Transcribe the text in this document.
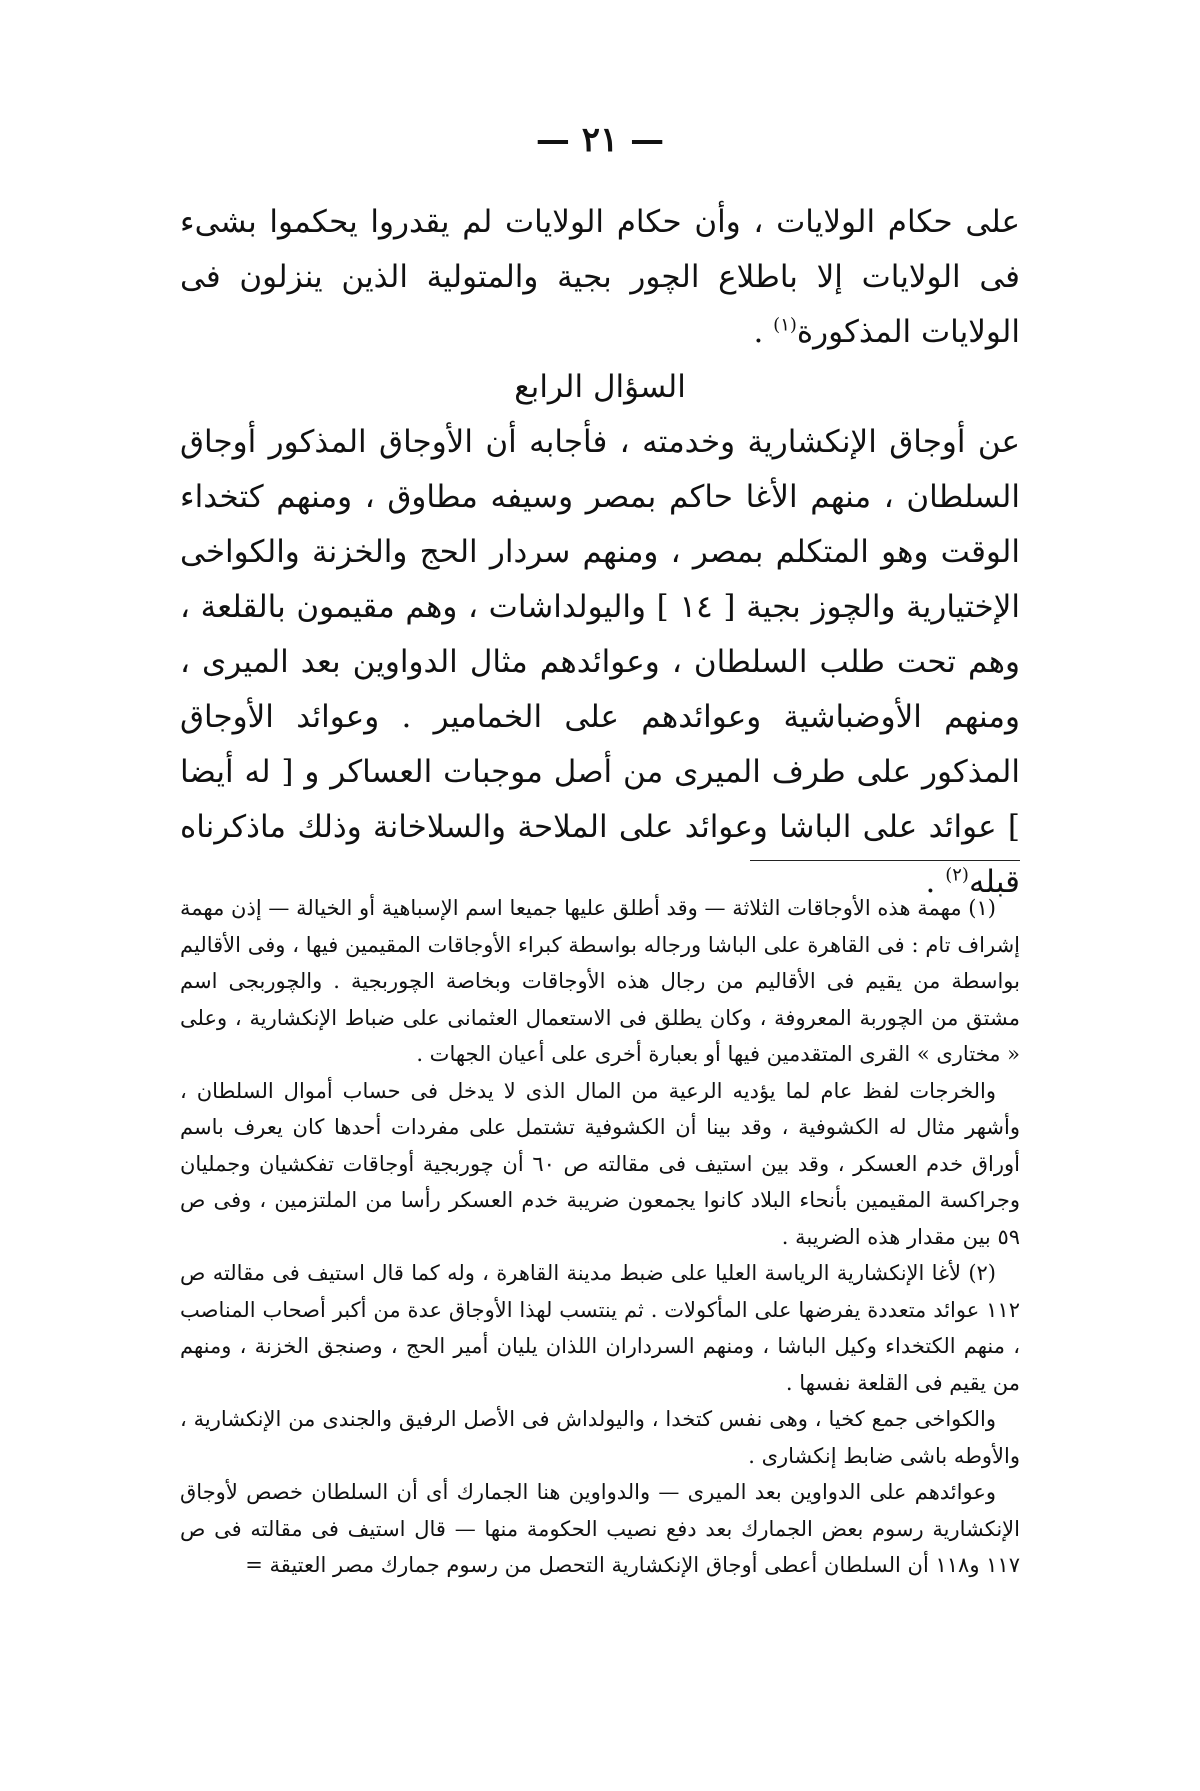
— ٢١ —

على حكام الولايات ، وأن حكام الولايات لم يقدروا يحكموا بشىء فى الولايات إلا باطلاع الچور بجية والمتولية الذين ينزلون فى الولايات المذكورة$^{(١)}$ .

السؤال الرابع

عن أوجاق الإنكشارية وخدمته ، فأجابه أن الأوجاق المذكور أوجاق السلطان ، منهم الأغا حاكم بمصر وسيفه مطاوق ، ومنهم كتخداء الوقت وهو المتكلم بمصر ، ومنهم سردار الحج والخزنة والكواخى الإختيارية والچوز بجية [ ١٤ ] واليولداشات ، وهم مقيمون بالقلعة ، وهم تحت طلب السلطان ، وعوائدهم مثال الدواوين بعد الميرى ، ومنهم الأوضباشية وعوائدهم على الخمامير . وعوائد الأوجاق المذكور على طرف الميرى من أصل موجبات العساكر و [ له أيضا ] عوائد على الباشا وعوائد على الملاحة والسلاخانة وذلك ماذكرناه قبله$^{(٢)}$ .

(١) مهمة هذه الأوجاقات الثلاثة — وقد أطلق عليها جميعا اسم الإسباهية أو الخيالة — إذن مهمة إشراف تام : فى القاهرة على الباشا ورجاله بواسطة كبراء الأوجاقات المقيمين فيها ، وفى الأقاليم بواسطة من يقيم فى الأقاليم من رجال هذه الأوجاقات وبخاصة الچوربجية . والچوربجى اسم مشتق من الچوربة المعروفة ، وكان يطلق فى الاستعمال العثمانى على ضباط الإنكشارية ، وعلى « مختارى » القرى المتقدمين فيها أو بعبارة أخرى على أعيان الجهات .

والخرجات لفظ عام لما يؤديه الرعية من المال الذى لا يدخل فى حساب أموال السلطان ، وأشهر مثال له الكشوفية ، وقد بينا أن الكشوفية تشتمل على مفردات أحدها كان يعرف باسم أوراق خدم العسكر ، وقد بين استيف فى مقالته ص ٦٠ أن چوربجية أوجاقات تفكشيان وجمليان وجراكسة المقيمين بأنحاء البلاد كانوا يجمعون ضريبة خدم العسكر رأسا من الملتزمين ، وفى ص ٥٩ بين مقدار هذه الضريبة .

(٢) لأغا الإنكشارية الرياسة العليا على ضبط مدينة القاهرة ، وله كما قال استيف فى مقالته ص ١١٢ عوائد متعددة يفرضها على المأكولات . ثم ينتسب لهذا الأوجاق عدة من أكبر أصحاب المناصب ، منهم الكتخداء وكيل الباشا ، ومنهم السرداران اللذان يليان أمير الحج ، وصنجق الخزنة ، ومنهم من يقيم فى القلعة نفسها .

والكواخى جمع كخيا ، وهى نفس كتخدا ، واليولداش فى الأصل الرفيق والجندى من الإنكشارية ، والأوطه باشى ضابط إنكشارى .

وعوائدهم على الدواوين بعد الميرى — والدواوين هنا الجمارك أى أن السلطان خصص لأوجاق الإنكشارية رسوم بعض الجمارك بعد دفع نصيب الحكومة منها — قال استيف فى مقالته فى ص ١١٧ و١١٨ أن السلطان أعطى أوجاق الإنكشارية التحصل من رسوم جمارك مصر العتيقة =
